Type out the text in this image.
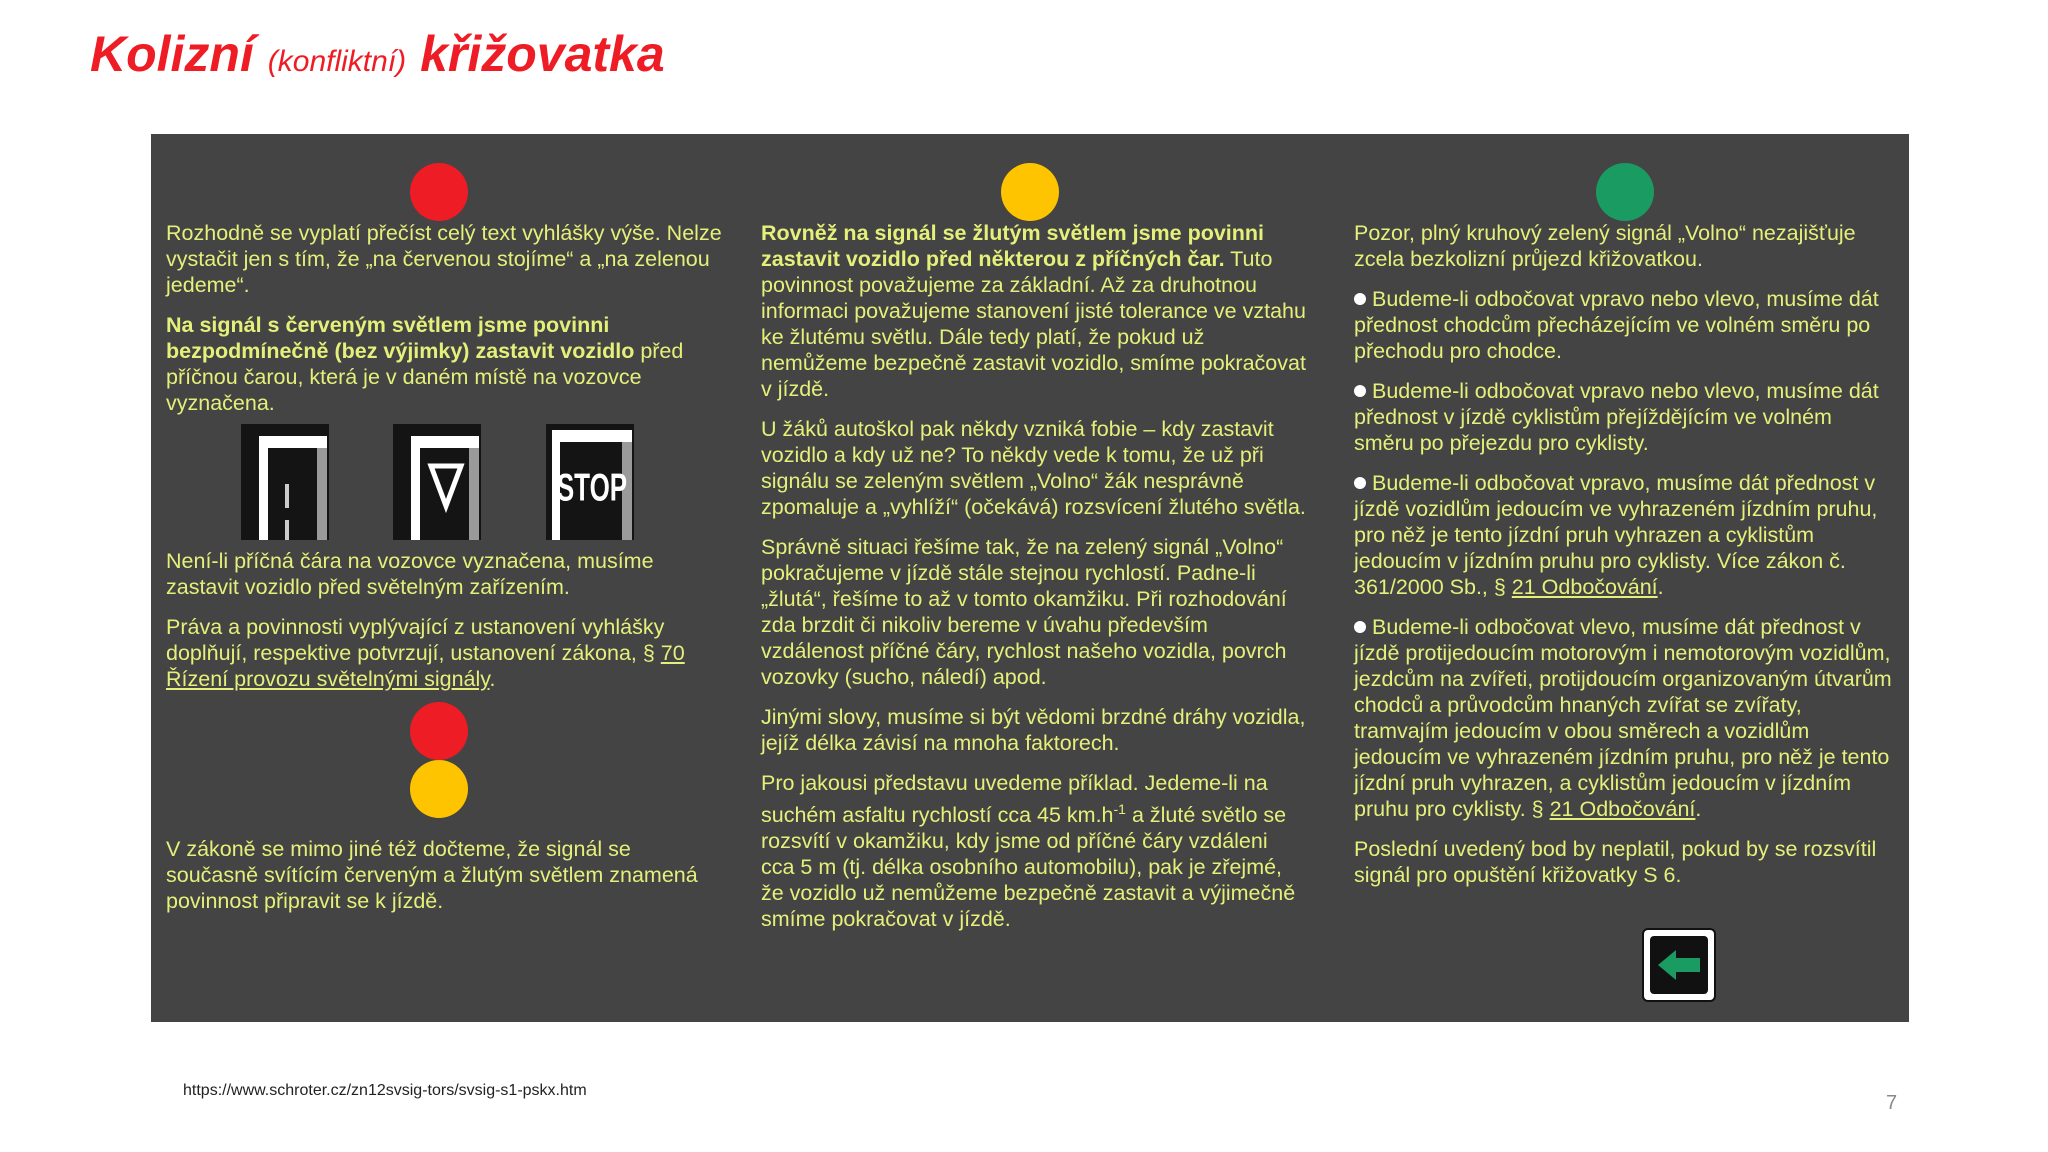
Kolizní (konfliktní) křižovatka

Rozhodně se vyplatí přečíst celý text vyhlášky výše. Nelze vystačit jen s tím, že „na červenou stojíme“ a „na zelenou jedeme“.

Na signál s červeným světlem jsme povinni bezpodmínečně (bez výjimky) zastavit vozidlo před příčnou čarou, která je v daném místě na vozovce vyznačena.

STOP

Není-li příčná čára na vozovce vyznačena, musíme zastavit vozidlo před světelným zařízením.

Práva a povinnosti vyplývající z ustanovení vyhlášky doplňují, respektive potvrzují, ustanovení zákona, § 70 Řízení provozu světelnými signály.

V zákoně se mimo jiné též dočteme, že signál se současně svítícím červeným a žlutým světlem znamená povinnost připravit se k jízdě.

Rovněž na signál se žlutým světlem jsme povinni zastavit vozidlo před některou z příčných čar. Tuto povinnost považujeme za základní. Až za druhotnou informaci považujeme stanovení jisté tolerance ve vztahu ke žlutému světlu. Dále tedy platí, že pokud už nemůžeme bezpečně zastavit vozidlo, smíme pokračovat v jízdě.

U žáků autoškol pak někdy vzniká fobie – kdy zastavit vozidlo a kdy už ne? To někdy vede k tomu, že už při signálu se zeleným světlem „Volno“ žák nesprávně zpomaluje a „vyhlíží“ (očekává) rozsvícení žlutého světla.

Správně situaci řešíme tak, že na zelený signál „Volno“ pokračujeme v jízdě stále stejnou rychlostí. Padne-li „žlutá“, řešíme to až v tomto okamžiku. Při rozhodování zda brzdit či nikoliv bereme v úvahu především vzdálenost příčné čáry, rychlost našeho vozidla, povrch vozovky (sucho, náledí) apod.

Jinými slovy, musíme si být vědomi brzdné dráhy vozidla, jejíž délka závisí na mnoha faktorech.

Pro jakousi představu uvedeme příklad. Jedeme-li na suchém asfaltu rychlostí cca 45 $km.h^{-1}$ a žluté světlo se rozsvítí v okamžiku, kdy jsme od příčné čáry vzdáleni cca 5 m (tj. délka osobního automobilu), pak je zřejmé, že vozidlo už nemůžeme bezpečně zastavit a výjimečně smíme pokračovat v jízdě.

Pozor, plný kruhový zelený signál „Volno“ nezajišťuje zcela bezkolizní průjezd křižovatkou.

Budeme-li odbočovat vpravo nebo vlevo, musíme dát přednost chodcům přecházejícím ve volném směru po přechodu pro chodce.

Budeme-li odbočovat vpravo nebo vlevo, musíme dát přednost v jízdě cyklistům přejíždějícím ve volném směru po přejezdu pro cyklisty.

Budeme-li odbočovat vpravo, musíme dát přednost v jízdě vozidlům jedoucím ve vyhrazeném jízdním pruhu, pro něž je tento jízdní pruh vyhrazen a cyklistům jedoucím v jízdním pruhu pro cyklisty. Více zákon č. 361/2000 Sb., § 21 Odbočování.

Budeme-li odbočovat vlevo, musíme dát přednost v jízdě protijedoucím motorovým i nemotorovým vozidlům, jezdcům na zvířeti, protijdoucím organizovaným útvarům chodců a průvodcům hnaných zvířat se zvířaty, tramvajím jedoucím v obou směrech a vozidlům jedoucím ve vyhrazeném jízdním pruhu, pro něž je tento jízdní pruh vyhrazen, a cyklistům jedoucím v jízdním pruhu pro cyklisty. § 21 Odbočování.

Poslední uvedený bod by neplatil, pokud by se rozsvítil signál pro opuštění křižovatky S 6.

https://www.schroter.cz/zn12svsig-tors/svsig-s1-pskx.htm
7
